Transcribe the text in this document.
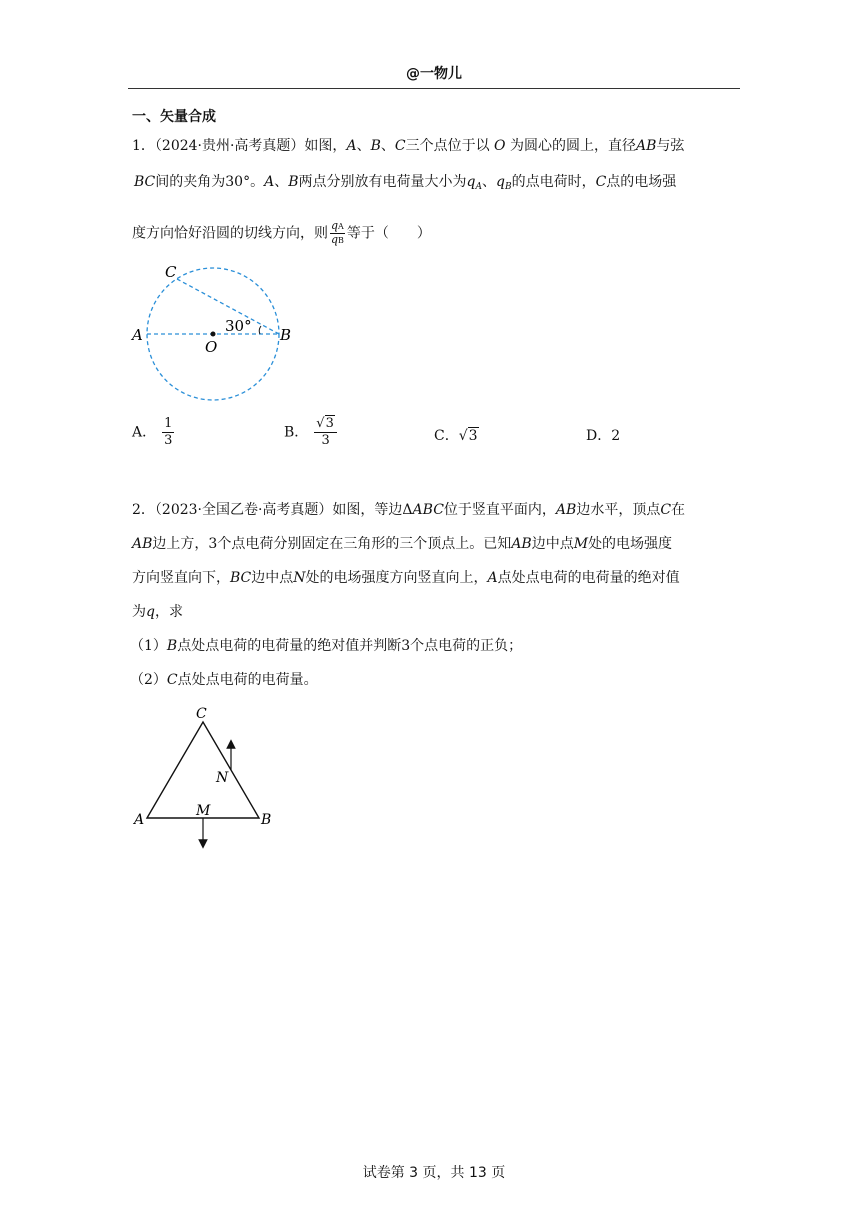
@一物儿
一、矢量合成
1．（2024·贵州·高考真题）如图，A、B、C三个点位于以 O 为圆心的圆上，直径AB与弦
BC间的夹角为30°。A、B两点分别放有电荷量大小为$q_A$、$q_B$的点电荷时，C点的电场强
度方向恰好沿圆的切线方向，则 $\frac{qA}{qB}$ 等于（　　）
C
A
O
B
30°
A． $\frac{1}{3}$	B． $\frac{√3}{3}$	C．√3	D．2
2．（2023·全国乙卷·高考真题）如图，等边ΔABC位于竖直平面内，AB边水平，顶点C在
AB边上方，3个点电荷分别固定在三角形的三个顶点上。已知AB边中点M处的电场强度
方向竖直向下，BC边中点N处的电场强度方向竖直向上，A点处点电荷的电荷量的绝对值
为q，求
（1）B点处点电荷的电荷量的绝对值并判断3个点电荷的正负；
（2）C点处点电荷的电荷量。
C
N
M
A	B
试卷第 3 页，共 13 页
